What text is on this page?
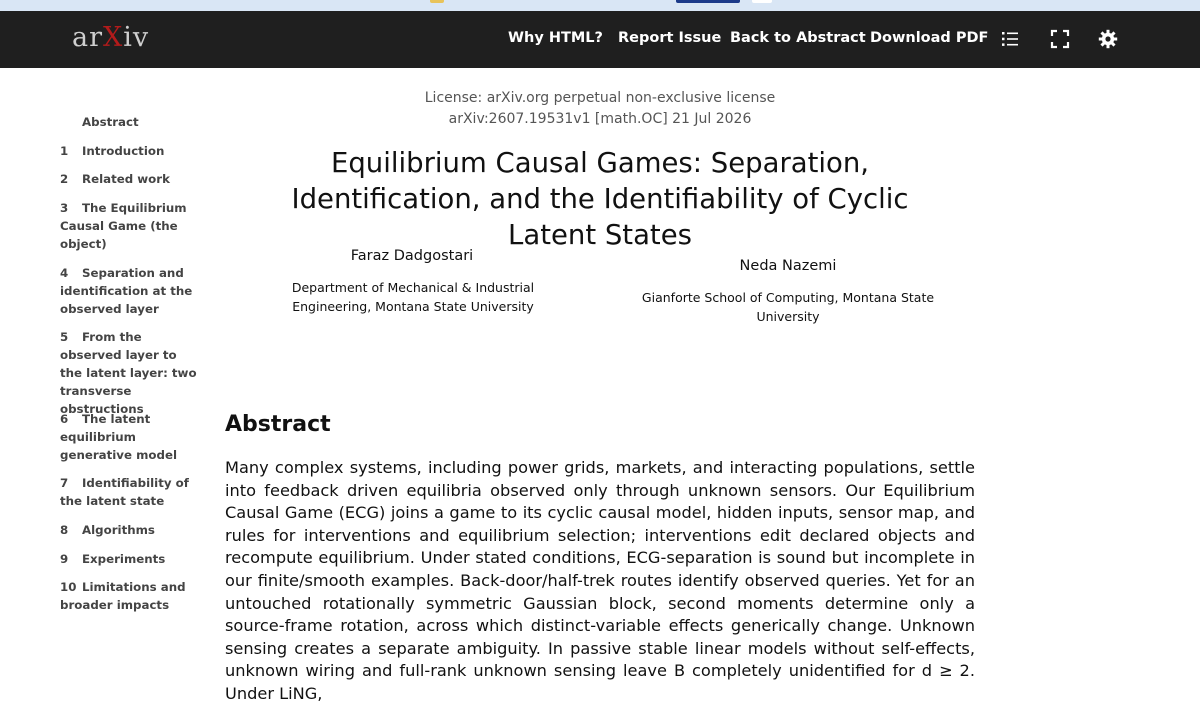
arXiv	Why HTML? Report Issue Back to Abstract Download PDF
Abstract
1 Introduction
2 Related work
3 The Equilibrium Causal Game (the object)
4 Separation and identification at the observed layer
5 From the observed layer to the latent layer: two transverse obstructions
6 The latent equilibrium generative model
7 Identifiability of the latent state
8 Algorithms
9 Experiments
10 Limitations and broader impacts
License: arXiv.org perpetual non-exclusive license
arXiv:2607.19531v1 [math.OC] 21 Jul 2026
Equilibrium Causal Games: Separation, Identification, and the Identifiability of Cyclic Latent States
Faraz Dadgostari
Department of Mechanical & Industrial Engineering, Montana State University
Neda Nazemi
Gianforte School of Computing, Montana State University
Abstract

Many complex systems, including power grids, markets, and interacting populations, settle into feedback driven equilibria observed only through unknown sensors. Our Equilibrium Causal Game (ECG) joins a game to its cyclic causal model, hidden inputs, sensor map, and rules for interventions and equilibrium selection; interventions edit declared objects and recompute equilibrium. Under stated conditions, ECG-separation is sound but incomplete in our finite/smooth examples. Back-door/half-trek routes identify observed queries. Yet for an untouched rotationally symmetric Gaussian block, second moments determine only a source-frame rotation, across which distinct-variable effects generically change. Unknown sensing creates a separate ambiguity. In passive stable linear models without self-effects, unknown wiring and full-rank unknown sensing leave B completely unidentified for d ≥ 2. Under LiNG,
